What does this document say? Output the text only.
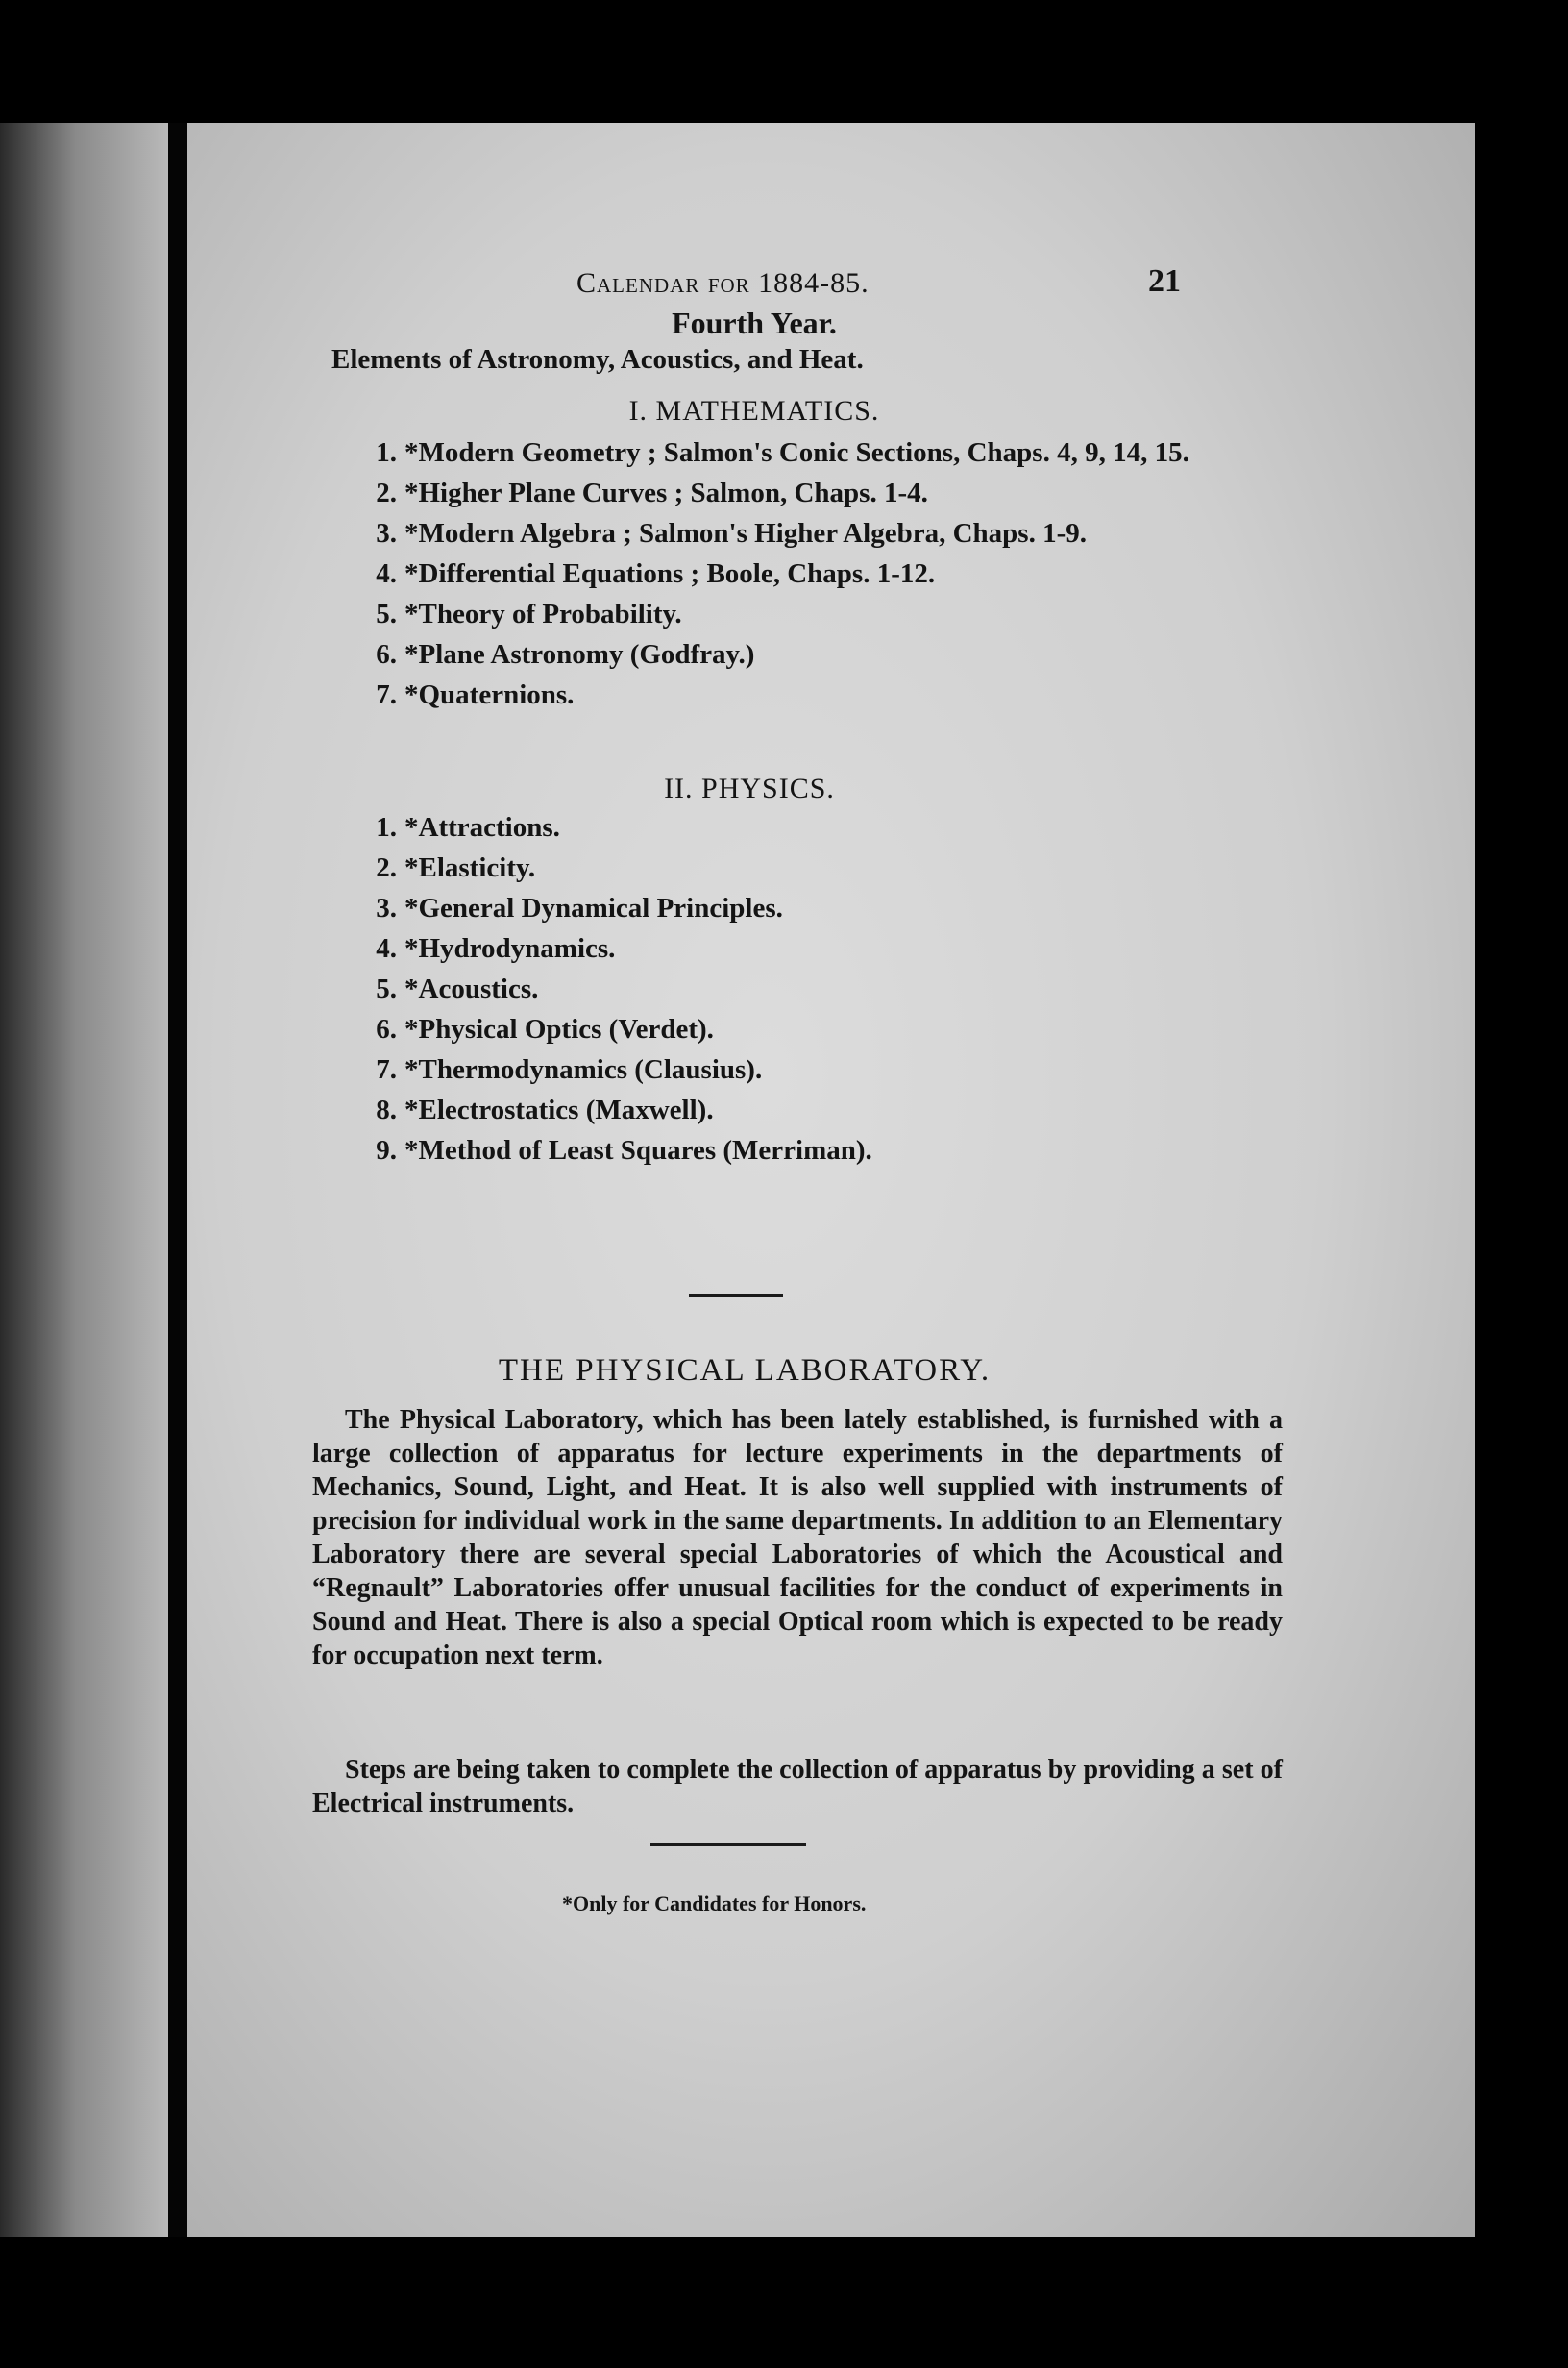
Calendar for 1884-85.	21
Fourth Year.
Elements of Astronomy, Acoustics, and Heat.
I. MATHEMATICS.
1. *Modern Geometry ; Salmon's Conic Sections, Chaps. 4, 9, 14, 15.
2. *Higher Plane Curves ; Salmon, Chaps. 1-4.
3. *Modern Algebra ; Salmon's Higher Algebra, Chaps. 1-9.
4. *Differential Equations ; Boole, Chaps. 1-12.
5. *Theory of Probability.
6. *Plane Astronomy (Godfray.)
7. *Quaternions.
II. PHYSICS.
1. *Attractions.
2. *Elasticity.
3. *General Dynamical Principles.
4. *Hydrodynamics.
5. *Acoustics.
6. *Physical Optics (Verdet).
7. *Thermodynamics (Clausius).
8. *Electrostatics (Maxwell).
9. *Method of Least Squares (Merriman).
THE PHYSICAL LABORATORY.

The Physical Laboratory, which has been lately established, is furnished with a large collection of apparatus for lecture experiments in the departments of Mechanics, Sound, Light, and Heat. It is also well supplied with instruments of precision for individual work in the same departments. In addition to an Elementary Laboratory there are several special Laboratories of which the Acoustical and “Regnault” Laboratories offer unusual facilities for the conduct of experiments in Sound and Heat. There is also a special Optical room which is expected to be ready for occupation next term.

Steps are being taken to complete the collection of apparatus by providing a set of Electrical instruments.

*Only for Candidates for Honors.
